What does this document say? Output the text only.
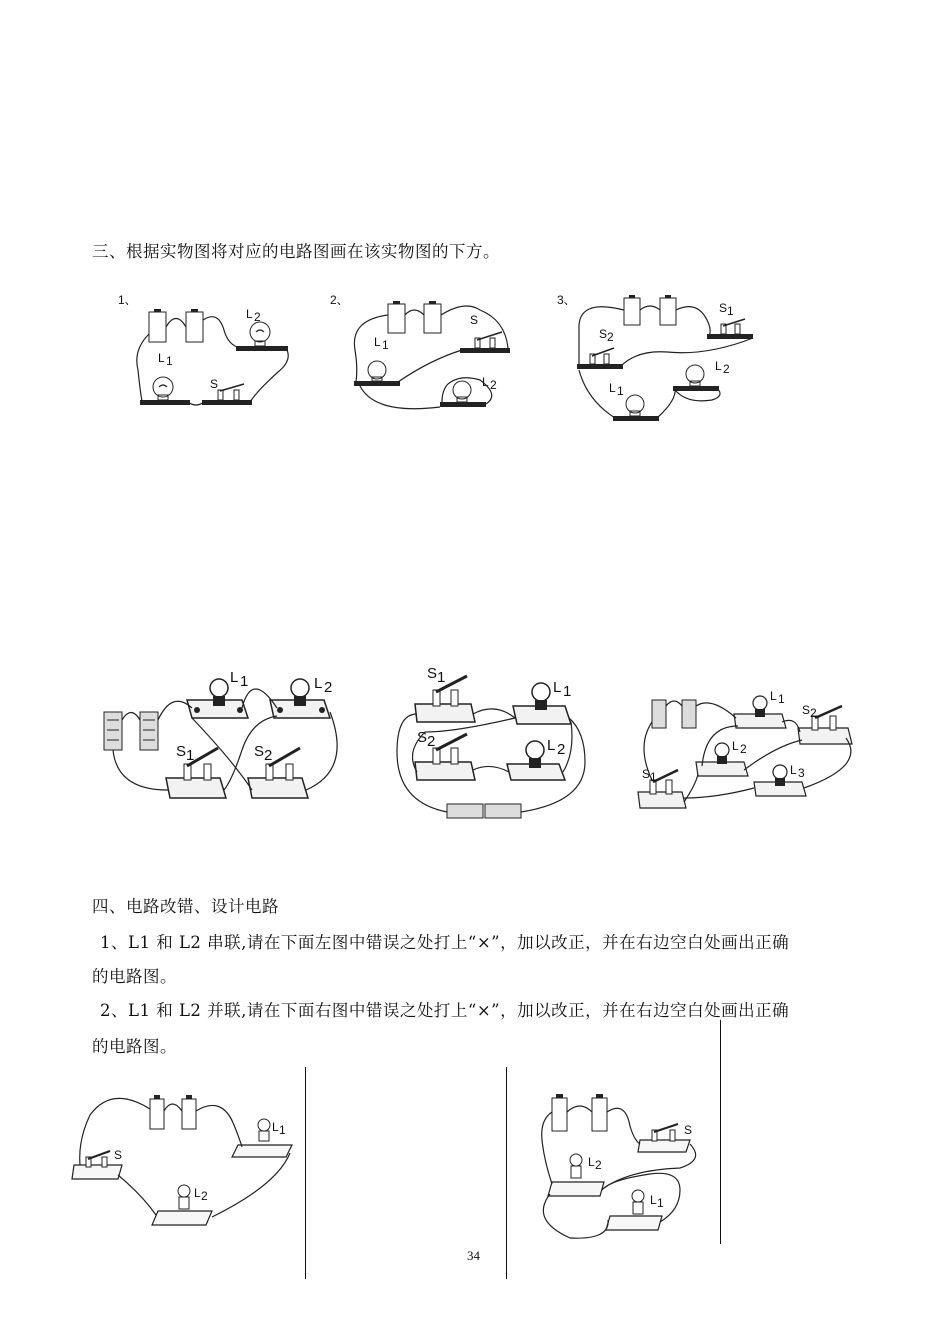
三、根据实物图将对应的电路图画在该实物图的下方。
1、
L 2
L 1
S
2、
S
L 1
L 2
3、
S 1
S 2
L 2
L 1
L 1	L 2
S 1	S 2
S 1
L 1
S 2	L 2
L 1
S 2
L 2
L 3
S 1
四、电路改错、设计电路
1、L1 和 L2 串联,请在下面左图中错误之处打上“×”，加以改正，并在右边空白处画出正确
的电路图。
2、L1 和 L2 并联,请在下面右图中错误之处打上“×”，加以改正，并在右边空白处画出正确
的电路图。
L 1
S
L 2
S
L 2
L 1
34
